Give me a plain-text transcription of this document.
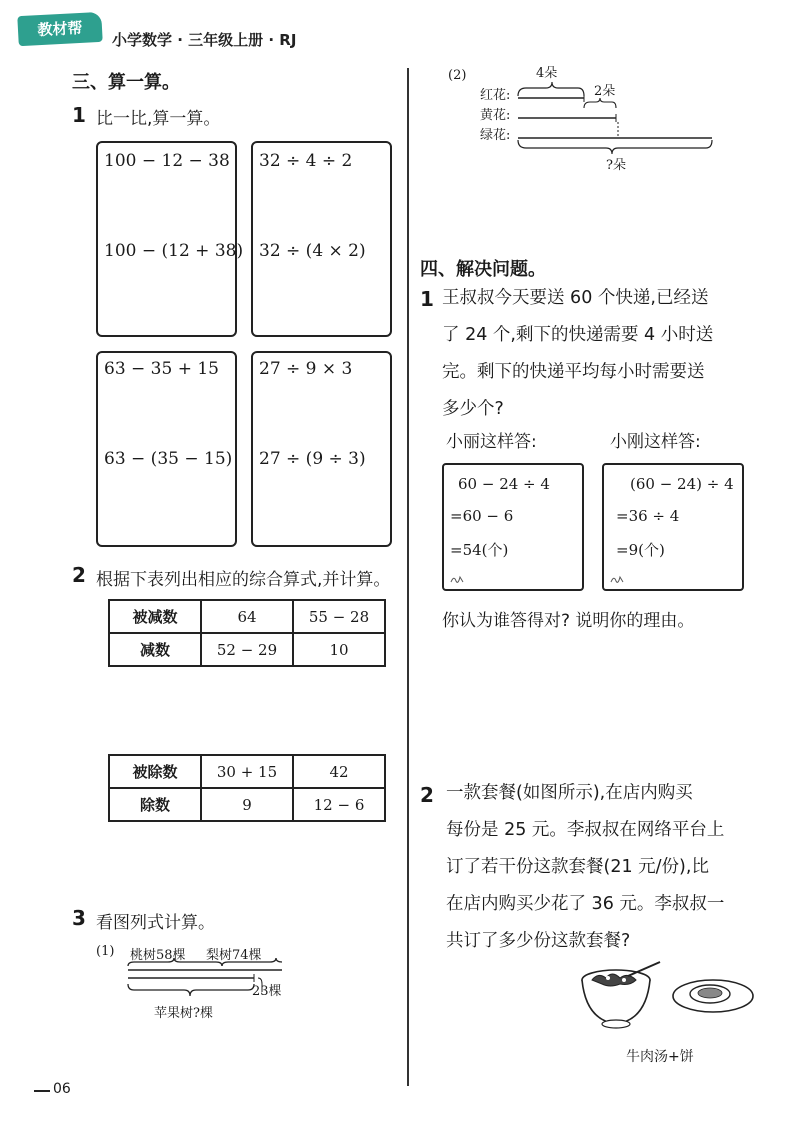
教材帮
小学数学 · 三年级上册 · RJ
三、算一算。
1 比一比,算一算。
100 − 12 − 38
100 − (12 + 38)
32 ÷ 4 ÷ 2
32 ÷ (4 × 2)
63 − 35 + 15
63 − (35 − 15)
27 ÷ 9 × 3
27 ÷ (9 ÷ 3)
2 根据下表列出相应的综合算式,并计算。
被减数	64	55 − 28
减数	52 − 29	10
被除数	30 + 15	42
除数	9	12 − 6
3 看图列式计算。
(1) 桃树58棵 梨树74棵
23棵
苹果树?棵
(2)	4朵
2朵
红花:
黄花:
绿花:
?朵
四、解决问题。
1 王叔叔今天要送 60 个快递,已经送
了 24 个,剩下的快递需要 4 小时送
完。剩下的快递平均每小时需要送
多少个?
小丽这样答:	小刚这样答:
60 − 24 ÷ 4
=60 − 6
=54(个)
(60 − 24) ÷ 4
=36 ÷ 4
=9(个)
你认为谁答得对? 说明你的理由。
2 一款套餐(如图所示),在店内购买
每份是 25 元。李叔叔在网络平台上
订了若干份这款套餐(21 元/份),比
在店内购买少花了 36 元。李叔叔一
共订了多少份这款套餐?
牛肉汤+饼
06
